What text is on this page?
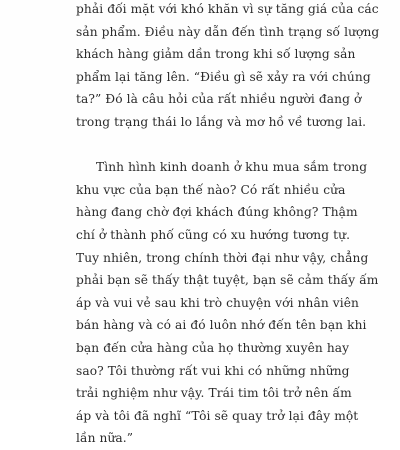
phải đối mặt với khó khăn vì sự tăng giá của các
sản phẩm. Điều này dẫn đến tình trạng số lượng
khách hàng giảm dần trong khi số lượng sản
phẩm lại tăng lên. “Điều gì sẽ xảy ra với chúng
ta?” Đó là câu hỏi của rất nhiều người đang ở
trong trạng thái lo lắng và mơ hồ về tương lai.

Tình hình kinh doanh ở khu mua sắm trong
khu vực của bạn thế nào? Có rất nhiều cửa
hàng đang chờ đợi khách đúng không? Thậm
chí ở thành phố cũng có xu hướng tương tự.
Tuy nhiên, trong chính thời đại như vậy, chẳng
phải bạn sẽ thấy thật tuyệt, bạn sẽ cảm thấy ấm
áp và vui vẻ sau khi trò chuyện với nhân viên
bán hàng và có ai đó luôn nhớ đến tên bạn khi
bạn đến cửa hàng của họ thường xuyên hay
sao? Tôi thường rất vui khi có những những
trải nghiệm như vậy. Trái tim tôi trở nên ấm
áp và tôi đã nghĩ “Tôi sẽ quay trở lại đây một
lần nữa.”
